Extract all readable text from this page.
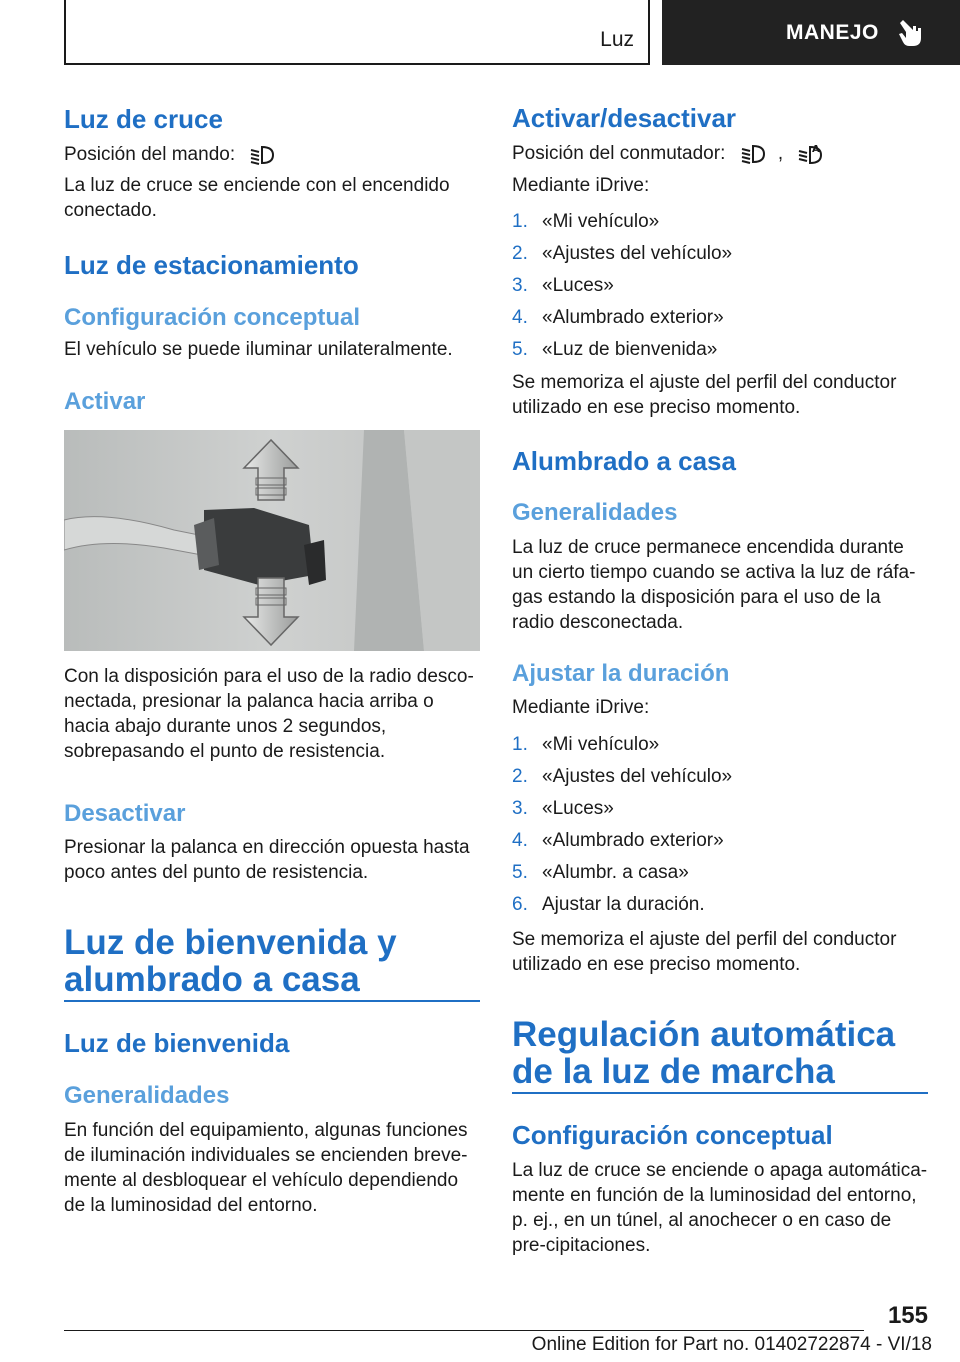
Luz	MANEJO
Luz de cruce
Posición del mando:
La luz de cruce se enciende con el encendido conectado.
Luz de estacionamiento
Configuración conceptual
El vehículo se puede iluminar unilateralmente.
Activar
Con la disposición para el uso de la radio desco-nectada, presionar la palanca hacia arriba o hacia abajo durante unos 2 segundos, sobrepasando el punto de resistencia.
Desactivar
Presionar la palanca en dirección opuesta hasta poco antes del punto de resistencia.
Luz de bienvenida y alumbrado a casa
Luz de bienvenida
Generalidades
En función del equipamiento, algunas funciones de iluminación individuales se encienden breve-mente al desbloquear el vehículo dependiendo de la luminosidad del entorno.
Activar/desactivar
Posición del conmutador:	,	A
Mediante iDrive:
1. «Mi vehículo»
2. «Ajustes del vehículo»
3. «Luces»
4. «Alumbrado exterior»
5. «Luz de bienvenida»
Se memoriza el ajuste del perfil del conductor utilizado en ese preciso momento.
Alumbrado a casa
Generalidades
La luz de cruce permanece encendida durante un cierto tiempo cuando se activa la luz de ráfa-gas estando la disposición para el uso de la radio desconectada.
Ajustar la duración
Mediante iDrive:
1. «Mi vehículo»
2. «Ajustes del vehículo»
3. «Luces»
4. «Alumbrado exterior»
5. «Alumbr. a casa»
6. Ajustar la duración.
Se memoriza el ajuste del perfil del conductor utilizado en ese preciso momento.
Regulación automática de la luz de marcha
Configuración conceptual
La luz de cruce se enciende o apaga automática-mente en función de la luminosidad del entorno, p. ej., en un túnel, al anochecer o en caso de pre-cipitaciones.
155
Online Edition for Part no. 01402722874 - VI/18
